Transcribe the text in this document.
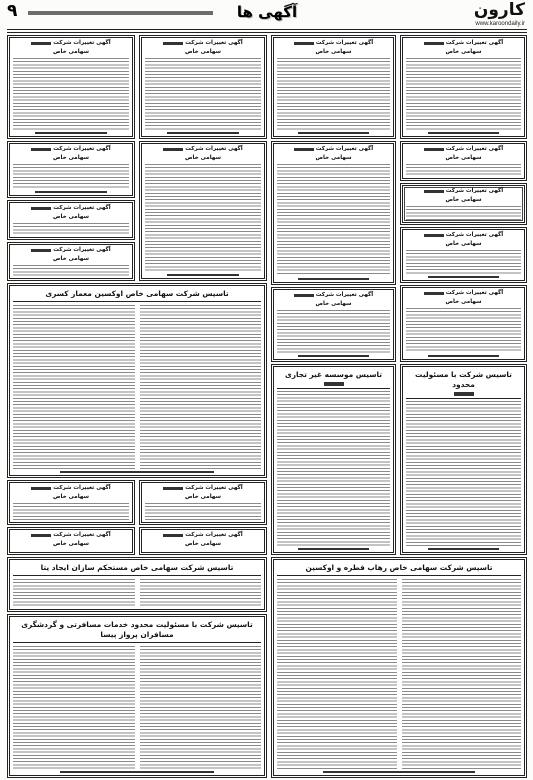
کارون
www.karoondaily.ir
آگهی ها
۹
آگهی تغییرات شرکت
سهامی خاص
آگهی تغییرات شرکت
سهامی خاص
آگهی تغییرات شرکت
سهامی خاص
آگهی تغییرات شرکت
سهامی خاص
آگهی تغییرات شرکت
سهامی خاص
آگهی تغییرات شرکت
سهامی خاص
آگهی تغییرات شرکت
سهامی خاص
آگهی تغییرات شرکت
سهامی خاص
آگهی تغییرات شرکت
سهامی خاص
آگهی تغییرات شرکت
سهامی خاص
آگهی تغییرات شرکت
سهامی خاص
آگهی تغییرات شرکت
سهامی خاص
آگهی تغییرات شرکت
سهامی خاص
آگهی تغییرات شرکت
سهامی خاص
تاسیس شرکت سهامی خاص اوکسین معمار کسری
تاسیس شرکت با مسئولیت محدود
تاسیس موسسه غیر تجاری
آگهی تغییرات شرکت
سهامی خاص
آگهی تغییرات شرکت
سهامی خاص
آگهی تغییرات شرکت
سهامی خاص
آگهی تغییرات شرکت
سهامی خاص
تاسیس شرکت سهامی خاص مستحکم سازان ایجاد یتا
تاسیس شرکت با مسئولیت محدود خدمات مسافرتی و گردشگری مسافران پرواز پیسا
تاسیس شرکت سهامی خاص رهاب قطره و اوکسین
